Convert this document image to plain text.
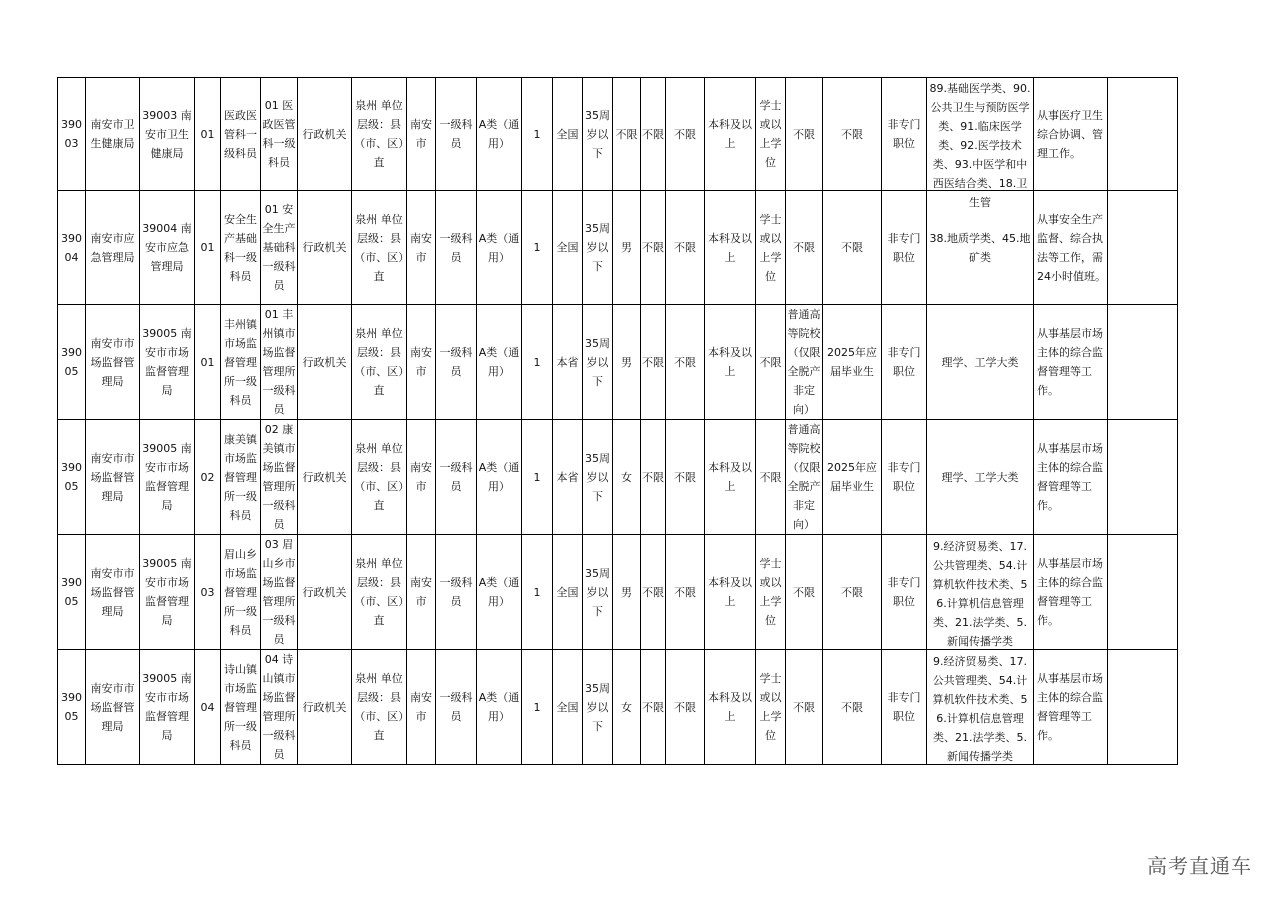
39003	南安市卫生健康局	39003 南安市卫生健康局	01	医政医管科一级科员	01 医政医管科一级科员	行政机关	泉州 单位层级：县（市、区）直	南安市	一级科员	A类（通用）	1	全国	35周岁以下	不限	不限	不限	本科及以上	学士或以上学位	不限	不限	非专门职位	89.基础医学类、90.公共卫生与预防医学类、91.临床医学类、92.医学技术类、93.中医学和中西医结合类、18.卫生管	从事医疗卫生综合协调、管理工作。	
39004	南安市应急管理局	39004 南安市应急管理局	01	安全生产基础科一级科员	01 安全生产基础科一级科员	行政机关	泉州 单位层级：县（市、区）直	南安市	一级科员	A类（通用）	1	全国	35周岁以下	男	不限	不限	本科及以上	学士或以上学位	不限	不限	非专门职位	38.地质学类、45.地矿类	从事安全生产监督、综合执法等工作，需24小时值班。	
39005	南安市市场监督管理局	39005 南安市市场监督管理局	01	丰州镇市场监督管理所一级科员	01 丰州镇市场监督管理所一级科员	行政机关	泉州 单位层级：县（市、区）直	南安市	一级科员	A类（通用）	1	本省	35周岁以下	男	不限	不限	本科及以上	不限	普通高等院校（仅限全脱产非定向）	2025年应届毕业生	非专门职位	理学、工学大类	从事基层市场主体的综合监督管理等工作。	
39005	南安市市场监督管理局	39005 南安市市场监督管理局	02	康美镇市场监督管理所一级科员	02 康美镇市场监督管理所一级科员	行政机关	泉州 单位层级：县（市、区）直	南安市	一级科员	A类（通用）	1	本省	35周岁以下	女	不限	不限	本科及以上	不限	普通高等院校（仅限全脱产非定向）	2025年应届毕业生	非专门职位	理学、工学大类	从事基层市场主体的综合监督管理等工作。	
39005	南安市市场监督管理局	39005 南安市市场监督管理局	03	眉山乡市场监督管理所一级科员	03 眉山乡市场监督管理所一级科员	行政机关	泉州 单位层级：县（市、区）直	南安市	一级科员	A类（通用）	1	全国	35周岁以下	男	不限	不限	本科及以上	学士或以上学位	不限	不限	非专门职位	9.经济贸易类、17.公共管理类、54.计算机软件技术类、56.计算机信息管理类、21.法学类、5.新闻传播学类	从事基层市场主体的综合监督管理等工作。	
39005	南安市市场监督管理局	39005 南安市市场监督管理局	04	诗山镇市场监督管理所一级科员	04 诗山镇市场监督管理所一级科员	行政机关	泉州 单位层级：县（市、区）直	南安市	一级科员	A类（通用）	1	全国	35周岁以下	女	不限	不限	本科及以上	学士或以上学位	不限	不限	非专门职位	9.经济贸易类、17.公共管理类、54.计算机软件技术类、56.计算机信息管理类、21.法学类、5.新闻传播学类	从事基层市场主体的综合监督管理等工作。	
高考直通车
